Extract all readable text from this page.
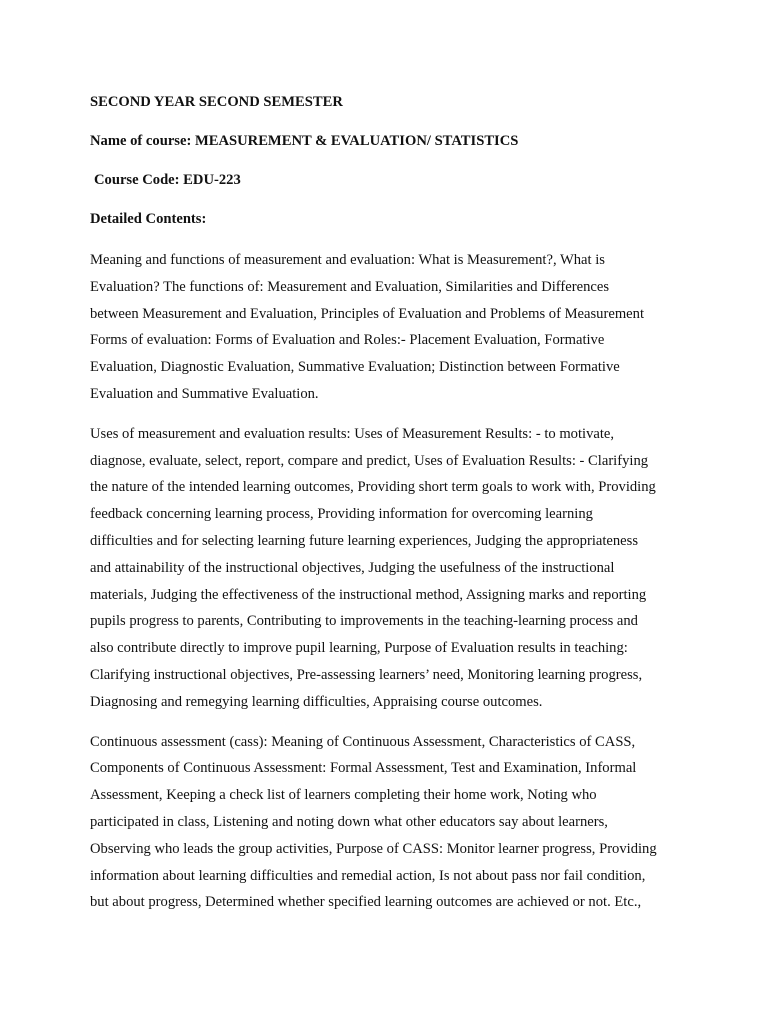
SECOND YEAR SECOND SEMESTER
Name of course: MEASUREMENT & EVALUATION/ STATISTICS
Course Code: EDU-223
Detailed Contents:
Meaning and functions of measurement and evaluation: What is Measurement?, What is
Evaluation? The functions of: Measurement and Evaluation, Similarities and Differences
between Measurement and Evaluation, Principles of Evaluation and Problems of Measurement
Forms of evaluation: Forms of Evaluation and Roles:- Placement Evaluation, Formative
Evaluation, Diagnostic Evaluation, Summative Evaluation; Distinction between Formative
Evaluation and Summative Evaluation.
Uses of measurement and evaluation results: Uses of Measurement Results: - to motivate,
diagnose, evaluate, select, report, compare and predict, Uses of Evaluation Results: - Clarifying
the nature of the intended learning outcomes, Providing short term goals to work with, Providing
feedback concerning learning process, Providing information for overcoming learning
difficulties and for selecting learning future learning experiences, Judging the appropriateness
and attainability of the instructional objectives, Judging the usefulness of the instructional
materials, Judging the effectiveness of the instructional method, Assigning marks and reporting
pupils progress to parents, Contributing to improvements in the teaching-learning process and
also contribute directly to improve pupil learning, Purpose of Evaluation results in teaching:
Clarifying instructional objectives, Pre-assessing learners’ need, Monitoring learning progress,
Diagnosing and remegying learning difficulties, Appraising course outcomes.
Continuous assessment (cass): Meaning of Continuous Assessment, Characteristics of CASS,
Components of Continuous Assessment: Formal Assessment, Test and Examination, Informal
Assessment, Keeping a check list of learners completing their home work, Noting who
participated in class, Listening and noting down what other educators say about learners,
Observing who leads the group activities, Purpose of CASS: Monitor learner progress, Providing
information about learning difficulties and remedial action, Is not about pass nor fail condition,
but about progress, Determined whether specified learning outcomes are achieved or not. Etc.,
